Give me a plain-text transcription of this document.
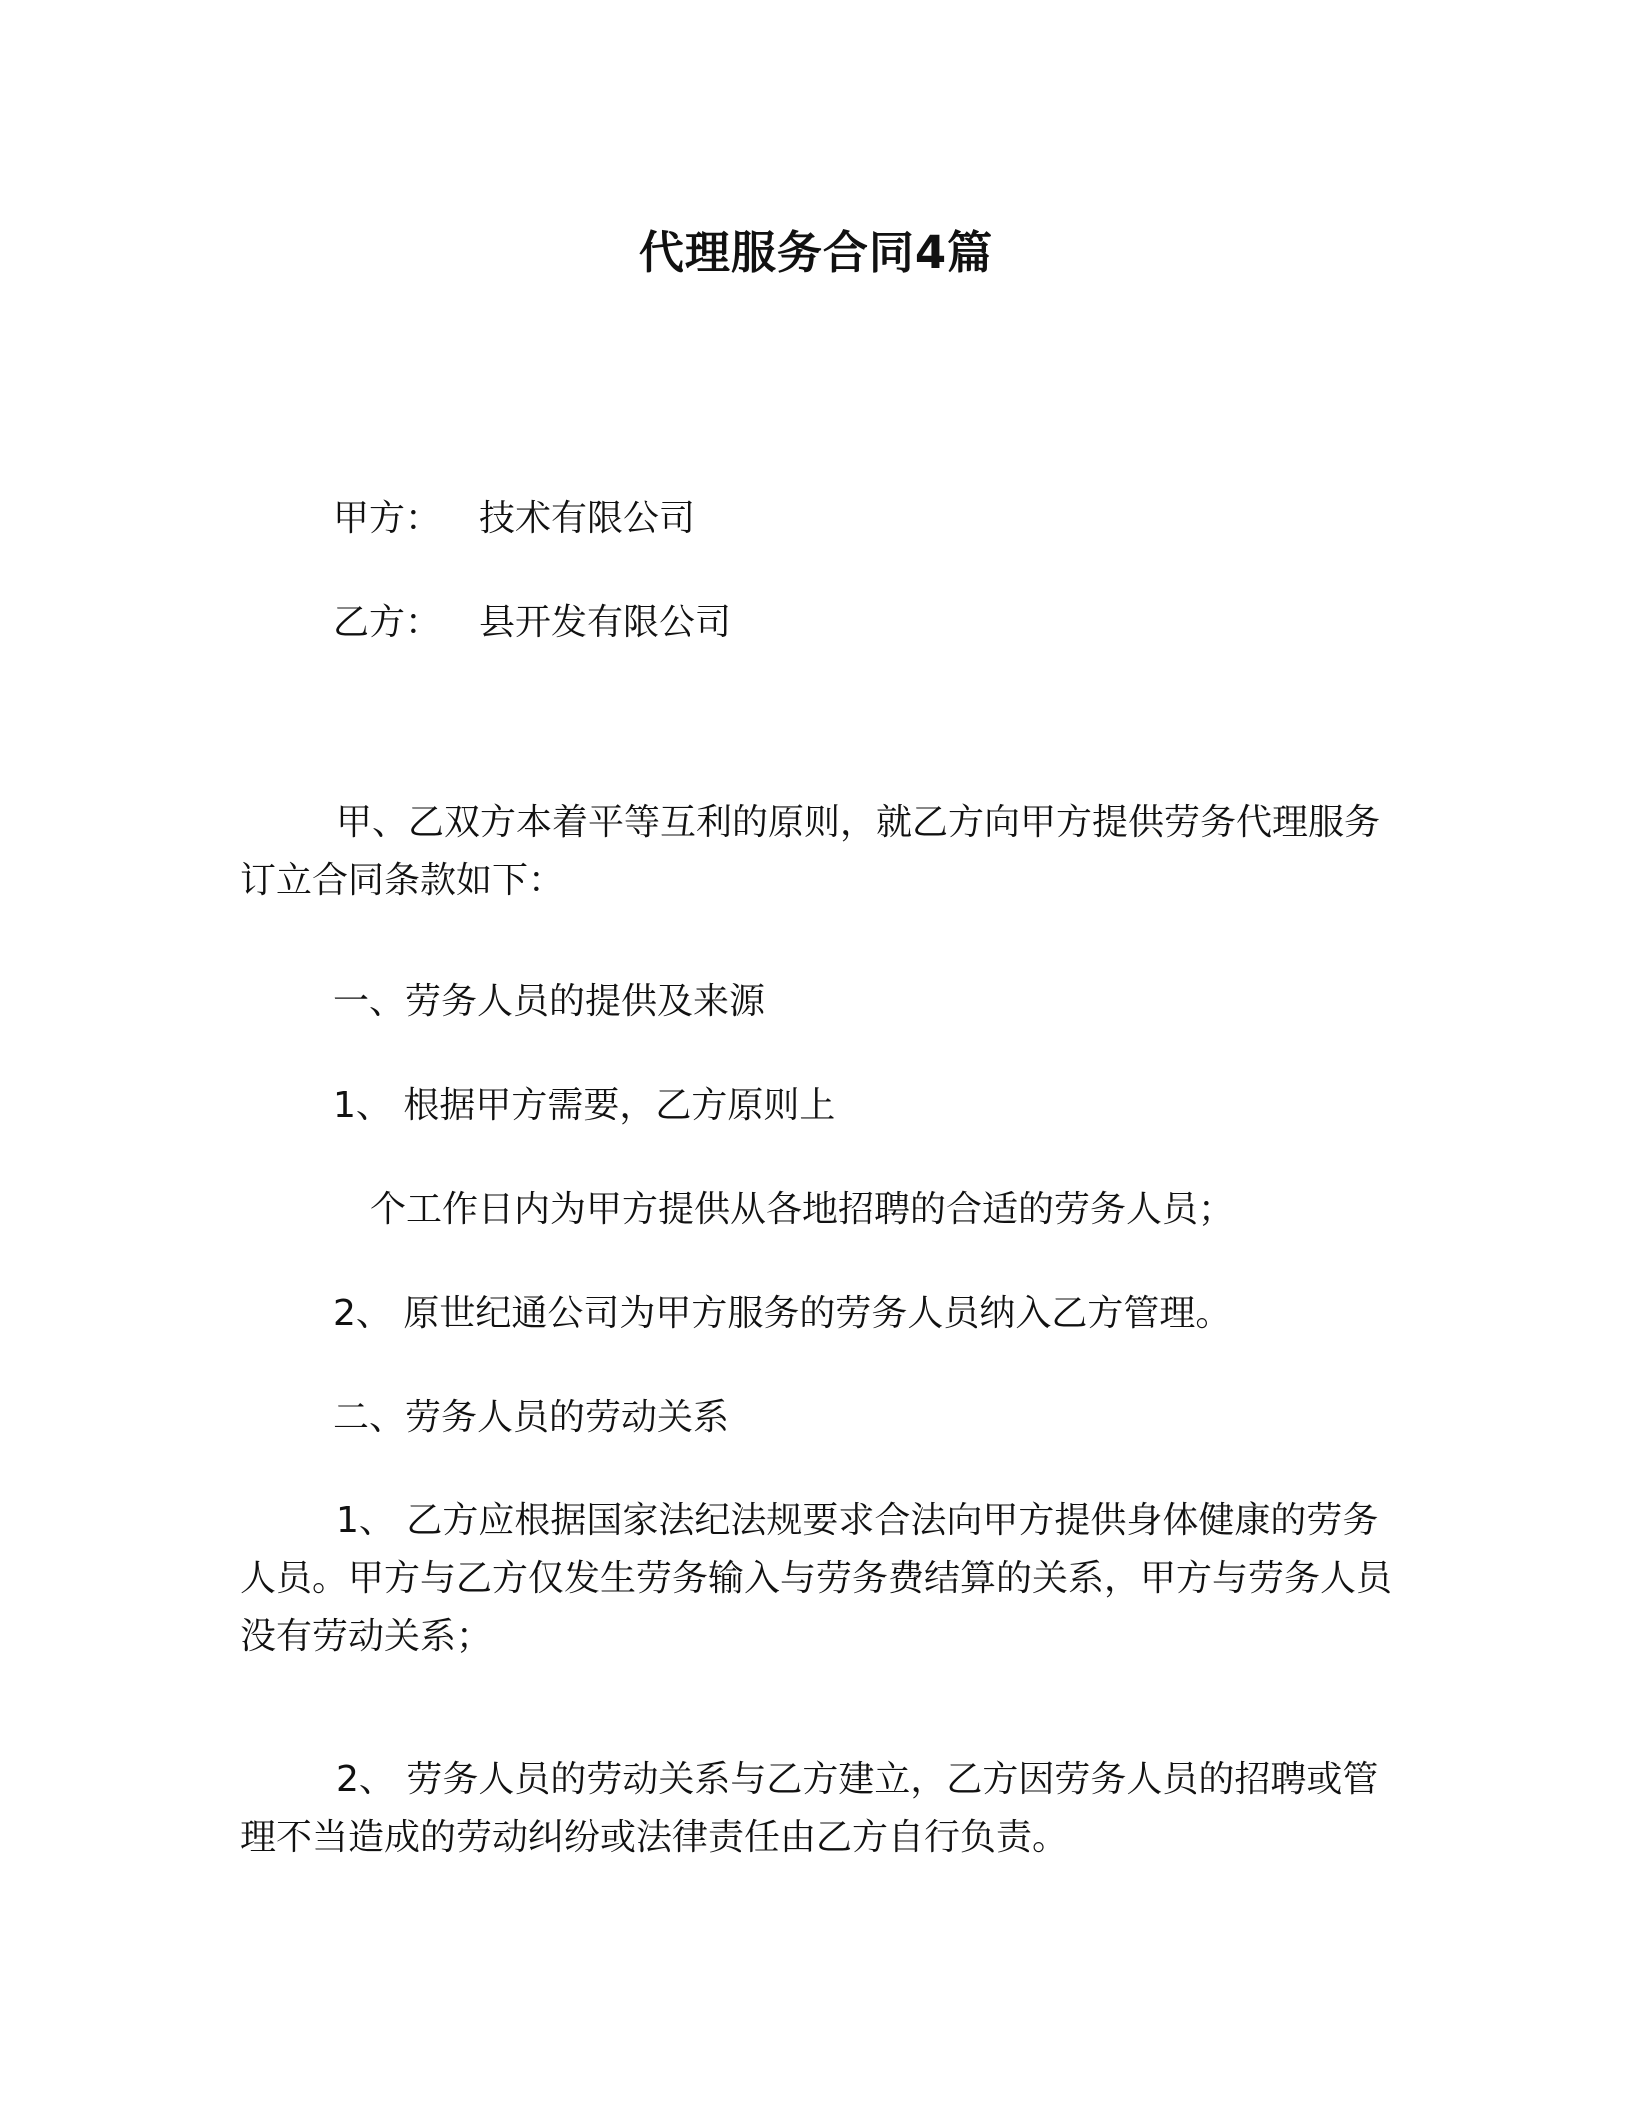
代理服务合同4篇
甲方： 技术有限公司
乙方： 县开发有限公司
甲、乙双方本着平等互利的原则，就乙方向甲方提供劳务代理服务订立合同条款如下：
一、劳务人员的提供及来源
1、 根据甲方需要，乙方原则上
个工作日内为甲方提供从各地招聘的合适的劳务人员；
2、 原世纪通公司为甲方服务的劳务人员纳入乙方管理。
二、劳务人员的劳动关系
1、 乙方应根据国家法纪法规要求合法向甲方提供身体健康的劳务人员。甲方与乙方仅发生劳务输入与劳务费结算的关系，甲方与劳务人员没有劳动关系；
2、 劳务人员的劳动关系与乙方建立，乙方因劳务人员的招聘或管理不当造成的劳动纠纷或法律责任由乙方自行负责。
